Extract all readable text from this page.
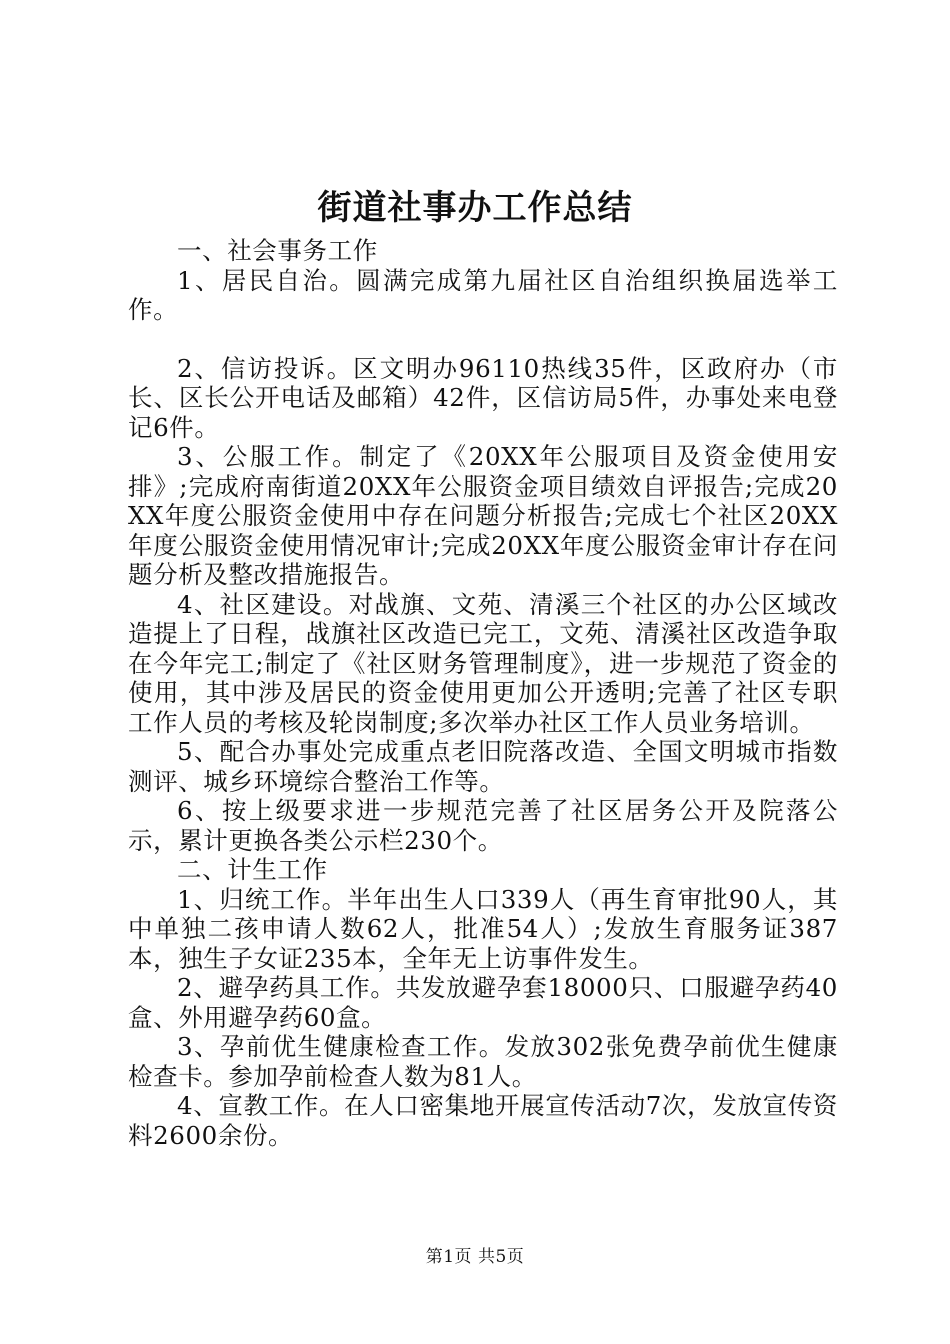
街道社事办工作总结

一、社会事务工作

1、居民自治。圆满完成第九届社区自治组织换届选举工作。

2、信访投诉。区文明办96110热线35件，区政府办（市长、区长公开电话及邮箱）42件，区信访局5件，办事处来电登记6件。

3、公服工作。制定了《20XX年公服项目及资金使用安排》;完成府南街道20XX年公服资金项目绩效自评报告;完成20XX年度公服资金使用中存在问题分析报告;完成七个社区20XX年度公服资金使用情况审计;完成20XX年度公服资金审计存在问题分析及整改措施报告。

4、社区建设。对战旗、文苑、清溪三个社区的办公区域改造提上了日程，战旗社区改造已完工，文苑、清溪社区改造争取在今年完工;制定了《社区财务管理制度》，进一步规范了资金的使用，其中涉及居民的资金使用更加公开透明;完善了社区专职工作人员的考核及轮岗制度;多次举办社区工作人员业务培训。

5、配合办事处完成重点老旧院落改造、全国文明城市指数测评、城乡环境综合整治工作等。

6、按上级要求进一步规范完善了社区居务公开及院落公示，累计更换各类公示栏230个。

二、计生工作

1、归统工作。半年出生人口339人（再生育审批90人，其中单独二孩申请人数62人，批准54人）;发放生育服务证387本，独生子女证235本，全年无上访事件发生。

2、避孕药具工作。共发放避孕套18000只、口服避孕药40盒、外用避孕药60盒。

3、孕前优生健康检查工作。发放302张免费孕前优生健康检查卡。参加孕前检查人数为81人。

4、宣教工作。在人口密集地开展宣传活动7次，发放宣传资料2600余份。

第1页 共5页
